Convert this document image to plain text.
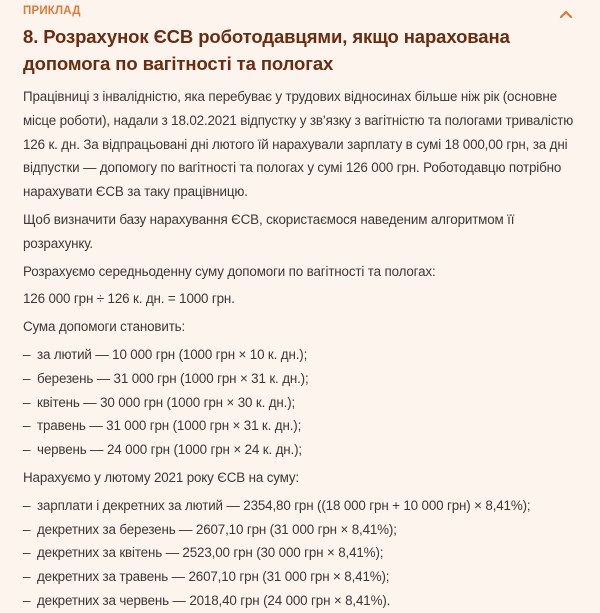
ПРИКЛАД
8. Розрахунок ЄСВ роботодавцями, якщо нарахована допомога по вагітності та пологах

Працівниці з інвалідністю, яка перебуває у трудових відносинах більше ніж рік (основне місце роботи), надали з 18.02.2021 відпустку у зв’язку з вагітністю та пологами тривалістю 126 к. дн. За відпрацьовані дні лютого їй нарахували зарплату в сумі 18 000,00 грн, за дні відпустки — допомогу по вагітності та пологах у сумі 126 000 грн. Роботодавцю потрібно нарахувати ЄСВ за таку працівницю.

Щоб визначити базу нарахування ЄСВ, скористаємося наведеним алгоритмом її розрахунку.

Розрахуємо середньоденну суму допомоги по вагітності та пологах:

126 000 грн ÷ 126 к. дн. = 1000 грн.

Сума допомоги становить:

– за лютий — 10 000 грн (1000 грн × 10 к. дн.);
– березень — 31 000 грн (1000 грн × 31 к. дн.);
– квітень — 30 000 грн (1000 грн × 30 к. дн.);
– травень — 31 000 грн (1000 грн × 31 к. дн.);
– червень — 24 000 грн (1000 грн × 24 к. дн.);

Нарахуємо у лютому 2021 року ЄСВ на суму:

– зарплати і декретних за лютий — 2354,80 грн ((18 000 грн + 10 000 грн) × 8,41%);
– декретних за березень — 2607,10 грн (31 000 грн × 8,41%);
– декретних за квітень — 2523,00 грн (30 000 грн × 8,41%);
– декретних за травень — 2607,10 грн (31 000 грн × 8,41%);
– декретних за червень — 2018,40 грн (24 000 грн × 8,41%).
